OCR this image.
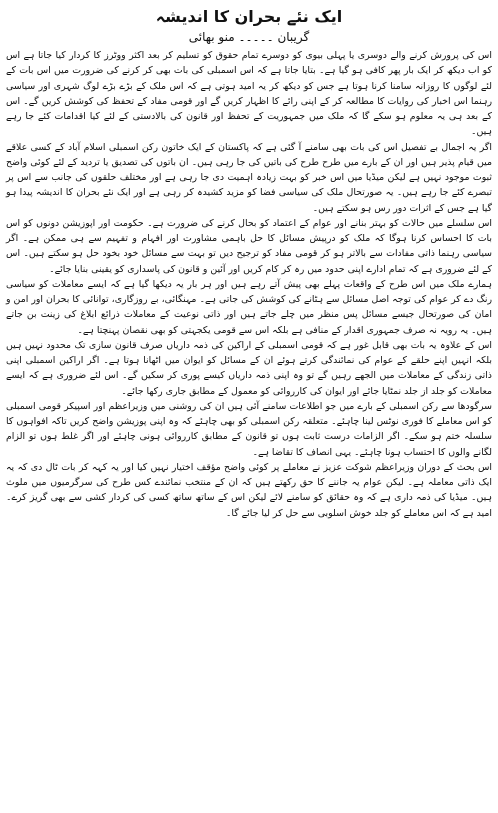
ایک نئے بحران کا اندیشہ
گریبان ۔۔۔۔۔ منو بھائی

اس کی پرورش کرنے والے دوسری یا پہلی بیوی کو دوسرے تمام حقوق کو تسلیم کر بعد اکثر ووٹرز کا کردار کیا جاتا ہے اس کو اب دیکھ کر ایک بار پھر کافی ہو گیا ہے۔ بتایا جاتا ہے کہ اس اسمبلی کی بات بھی کر کرنے کی ضرورت میں اس بات کے لئے لوگوں کا روزانہ سامنا کرنا ہوتا ہے جس کو دیکھ کر یہ امید ہوتی ہے کہ اس ملک کے بڑے بڑے لوگ شہری اور سیاسی رہنما اس اخبار کی روایات کا مطالعہ کر کے اپنی رائے کا اظہار کریں گے اور قومی مفاد کے تحفظ کی کوشش کریں گے۔ اس کے بعد ہی یہ معلوم ہو سکے گا کہ ملک میں جمہوریت کے تحفظ اور قانون کی بالادستی کے لئے کیا اقدامات کئے جا رہے ہیں۔

اگر یہ اجمال بے تفصیل اس کی بات بھی سامنے آ گئی ہے کہ پاکستان کے ایک خاتون رکن اسمبلی اسلام آباد کے کسی علاقے میں قیام پذیر ہیں اور ان کے بارے میں طرح طرح کی باتیں کی جا رہی ہیں۔ ان باتوں کی تصدیق یا تردید کے لئے کوئی واضح ثبوت موجود نہیں ہے لیکن میڈیا میں اس خبر کو بہت زیادہ اہمیت دی جا رہی ہے اور مختلف حلقوں کی جانب سے اس پر تبصرے کئے جا رہے ہیں۔ یہ صورتحال ملک کی سیاسی فضا کو مزید کشیدہ کر رہی ہے اور ایک نئے بحران کا اندیشہ پیدا ہو گیا ہے جس کے اثرات دور رس ہو سکتے ہیں۔

اس سلسلے میں حالات کو بہتر بنانے اور عوام کے اعتماد کو بحال کرنے کی ضرورت ہے۔ حکومت اور اپوزیشن دونوں کو اس بات کا احساس کرنا ہوگا کہ ملک کو درپیش مسائل کا حل باہمی مشاورت اور افہام و تفہیم سے ہی ممکن ہے۔ اگر سیاسی رہنما ذاتی مفادات سے بالاتر ہو کر قومی مفاد کو ترجیح دیں تو بہت سے مسائل خود بخود حل ہو سکتے ہیں۔ اس کے لئے ضروری ہے کہ تمام ادارے اپنی حدود میں رہ کر کام کریں اور آئین و قانون کی پاسداری کو یقینی بنایا جائے۔

ہمارے ملک میں اس طرح کے واقعات پہلے بھی پیش آتے رہے ہیں اور ہر بار یہ دیکھا گیا ہے کہ ایسے معاملات کو سیاسی رنگ دے کر عوام کی توجہ اصل مسائل سے ہٹانے کی کوشش کی جاتی ہے۔ مہنگائی، بے روزگاری، توانائی کا بحران اور امن و امان کی صورتحال جیسے مسائل پس منظر میں چلے جاتے ہیں اور ذاتی نوعیت کے معاملات ذرائع ابلاغ کی زینت بن جاتے ہیں۔ یہ رویہ نہ صرف جمہوری اقدار کے منافی ہے بلکہ اس سے قومی یکجہتی کو بھی نقصان پہنچتا ہے۔

اس کے علاوہ یہ بات بھی قابل غور ہے کہ قومی اسمبلی کے اراکین کی ذمہ داریاں صرف قانون سازی تک محدود نہیں ہیں بلکہ انہیں اپنے حلقے کے عوام کی نمائندگی کرتے ہوئے ان کے مسائل کو ایوان میں اٹھانا ہوتا ہے۔ اگر اراکین اسمبلی اپنی ذاتی زندگی کے معاملات میں الجھے رہیں گے تو وہ اپنی ذمہ داریاں کیسے پوری کر سکیں گے۔ اس لئے ضروری ہے کہ ایسے معاملات کو جلد از جلد نمٹایا جائے اور ایوان کی کارروائی کو معمول کے مطابق جاری رکھا جائے۔

سرگودھا سے رکن اسمبلی کے بارے میں جو اطلاعات سامنے آئی ہیں ان کی روشنی میں وزیراعظم اور اسپیکر قومی اسمبلی کو اس معاملے کا فوری نوٹس لینا چاہئے۔ متعلقہ رکن اسمبلی کو بھی چاہئے کہ وہ اپنی پوزیشن واضح کریں تاکہ افواہوں کا سلسلہ ختم ہو سکے۔ اگر الزامات درست ثابت ہوں تو قانون کے مطابق کارروائی ہونی چاہئے اور اگر غلط ہوں تو الزام لگانے والوں کا احتساب ہونا چاہئے۔ یہی انصاف کا تقاضا ہے۔

اس بحث کے دوران وزیراعظم شوکت عزیز نے معاملے پر کوئی واضح مؤقف اختیار نہیں کیا اور یہ کہہ کر بات ٹال دی کہ یہ ایک ذاتی معاملہ ہے۔ لیکن عوام یہ جاننے کا حق رکھتے ہیں کہ ان کے منتخب نمائندے کس طرح کی سرگرمیوں میں ملوث ہیں۔ میڈیا کی ذمہ داری ہے کہ وہ حقائق کو سامنے لائے لیکن اس کے ساتھ ساتھ کسی کی کردار کشی سے بھی گریز کرے۔ امید ہے کہ اس معاملے کو جلد خوش اسلوبی سے حل کر لیا جائے گا۔
